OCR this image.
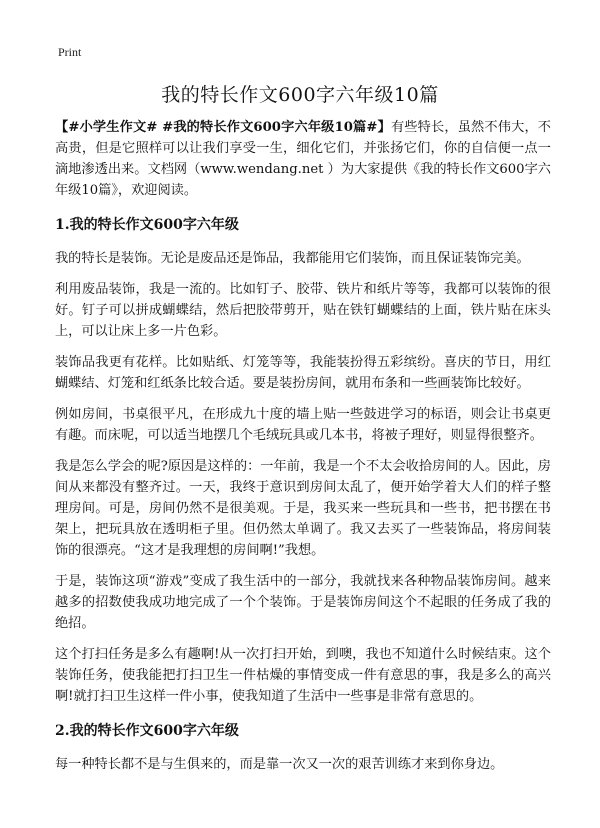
Print
我的特长作文600字六年级10篇

【#小学生作文# #我的特长作文600字六年级10篇#】有些特长，虽然不伟大，不高贵，但是它照样可以让我们享受一生，细化它们，并张扬它们，你的自信便一点一滴地渗透出来。文档网（www.wendang.net ）为大家提供《我的特长作文600字六年级10篇》，欢迎阅读。

1.我的特长作文600字六年级

我的特长是装饰。无论是废品还是饰品，我都能用它们装饰，而且保证装饰完美。

利用废品装饰，我是一流的。比如钉子、胶带、铁片和纸片等等，我都可以装饰的很好。钉子可以拼成蝴蝶结，然后把胶带剪开，贴在铁钉蝴蝶结的上面，铁片贴在床头上，可以让床上多一片色彩。

装饰品我更有花样。比如贴纸、灯笼等等，我能装扮得五彩缤纷。喜庆的节日，用红蝴蝶结、灯笼和红纸条比较合适。要是装扮房间，就用布条和一些画装饰比较好。

例如房间，书桌很平凡，在形成九十度的墙上贴一些鼓进学习的标语，则会让书桌更有趣。而床呢，可以适当地摆几个毛绒玩具或几本书，将被子理好，则显得很整齐。

我是怎么学会的呢?原因是这样的：一年前，我是一个不太会收拾房间的人。因此，房间从来都没有整齐过。一天，我终于意识到房间太乱了，便开始学着大人们的样子整理房间。可是，房间仍然不是很美观。于是，我买来一些玩具和一些书，把书摆在书架上，把玩具放在透明柜子里。但仍然太单调了。我又去买了一些装饰品，将房间装饰的很漂亮。“这才是我理想的房间啊!”我想。

于是，装饰这项“游戏”变成了我生活中的一部分，我就找来各种物品装饰房间。越来越多的招数使我成功地完成了一个个装饰。于是装饰房间这个不起眼的任务成了我的绝招。

这个打扫任务是多么有趣啊!从一次打扫开始，到噢，我也不知道什么时候结束。这个装饰任务，使我能把打扫卫生一件枯燥的事情变成一件有意思的事，我是多么的高兴啊!就打扫卫生这样一件小事，使我知道了生活中一些事是非常有意思的。

2.我的特长作文600字六年级

每一种特长都不是与生俱来的，而是靠一次又一次的艰苦训练才来到你身边。
